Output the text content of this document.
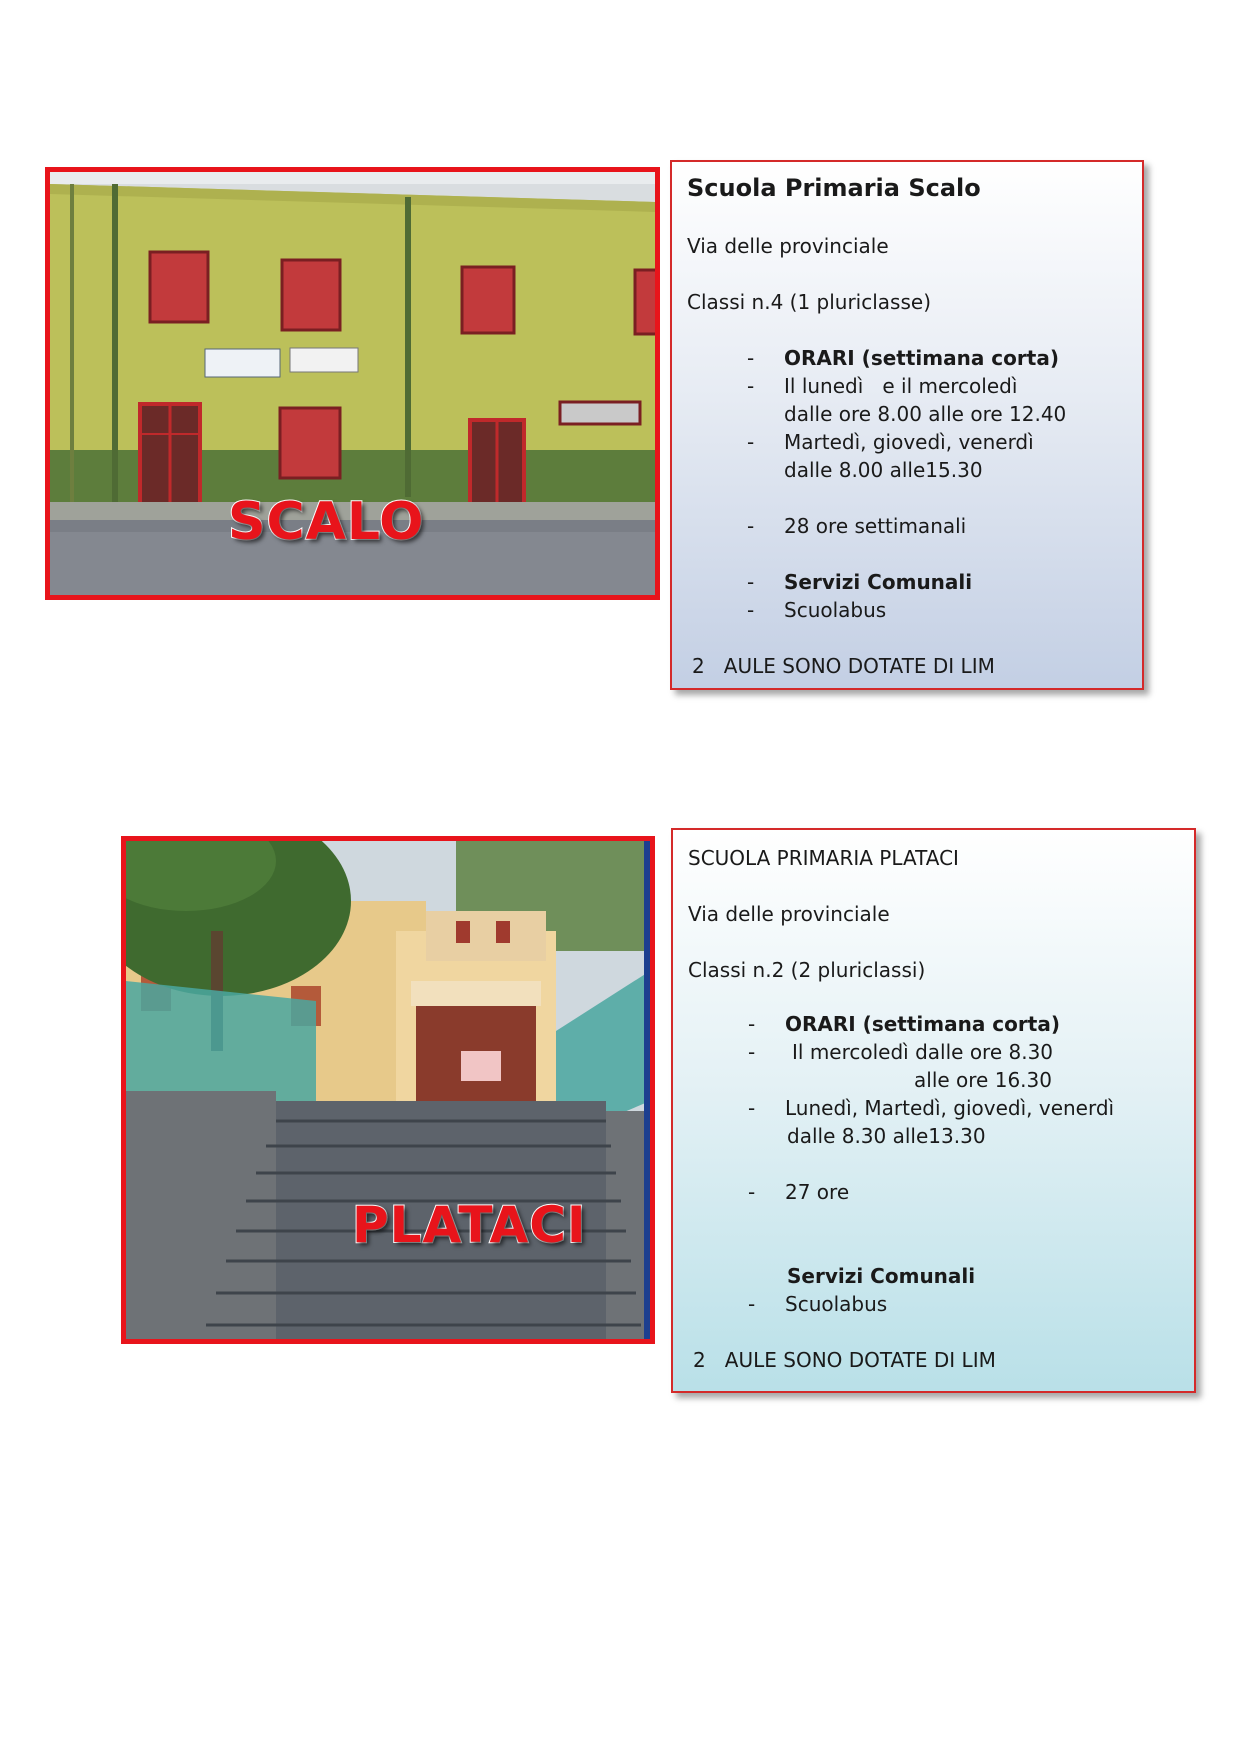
SCALO
Scuola Primaria Scalo
Via delle provinciale
Classi n.4 (1 pluriclasse)
- ORARI (settimana corta)
- Il lunedì   e il mercoledì
dalle ore 8.00 alle ore 12.40
- Martedì, giovedì, venerdì
dalle 8.00 alle15.30
- 28 ore settimanali
- Servizi Comunali
- Scuolabus
2   AULE SONO DOTATE DI LIM
PLATACI
SCUOLA PRIMARIA PLATACI
Via delle provinciale
Classi n.2 (2 pluriclassi)
- ORARI (settimana corta)
- Il mercoledì dalle ore 8.30
alle ore 16.30
- Lunedì, Martedì, giovedì, venerdì
dalle 8.30 alle13.30
- 27 ore
Servizi Comunali
- Scuolabus
2   AULE SONO DOTATE DI LIM
